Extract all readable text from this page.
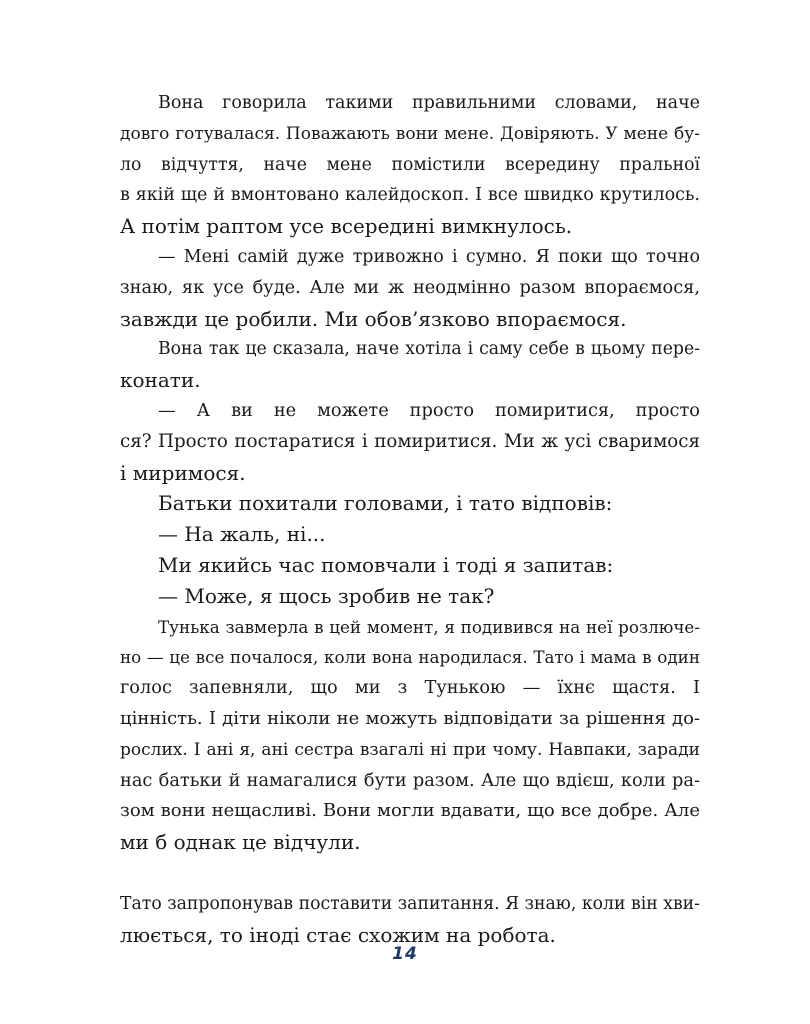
Вона говорила такими правильними словами, наче
довго готувалася. Поважають вони мене. Довіряють. У мене бу-
ло відчуття, наче мене помістили всередину пральної
в якій ще й вмонтовано калейдоскоп. І все швидко крутилось.
А потім раптом усе всередині вимкнулось.
— Мені самій дуже тривожно і сумно. Я поки що точно
знаю, як усе буде. Але ми ж неодмінно разом впораємося,
завжди це робили. Ми обов’язково впораємося.
Вона так це сказала, наче хотіла і саму себе в цьому пере-
конати.
— А ви не можете просто помиритися, просто
ся? Просто постаратися і помиритися. Ми ж усі сваримося
і миримося.
Батьки похитали головами, і тато відповів:
— На жаль, ні...
Ми якийсь час помовчали і тоді я запитав:
— Може, я щось зробив не так?
Тунька завмерла в цей момент, я подивився на неї розлюче-
но — це все почалося, коли вона народилася. Тато і мама в один
голос запевняли, що ми з Тунькою — їхнє щастя. І
цінність. І діти ніколи не можуть відповідати за рішення до-
рослих. І ані я, ані сестра взагалі ні при чому. Навпаки, заради
нас батьки й намагалися бути разом. Але що вдієш, коли ра-
зом вони нещасливі. Вони могли вдавати, що все добре. Але
ми б однак це відчули.
Тато запропонував поставити запитання. Я знаю, коли він хви-
люється, то іноді стає схожим на робота.
14
